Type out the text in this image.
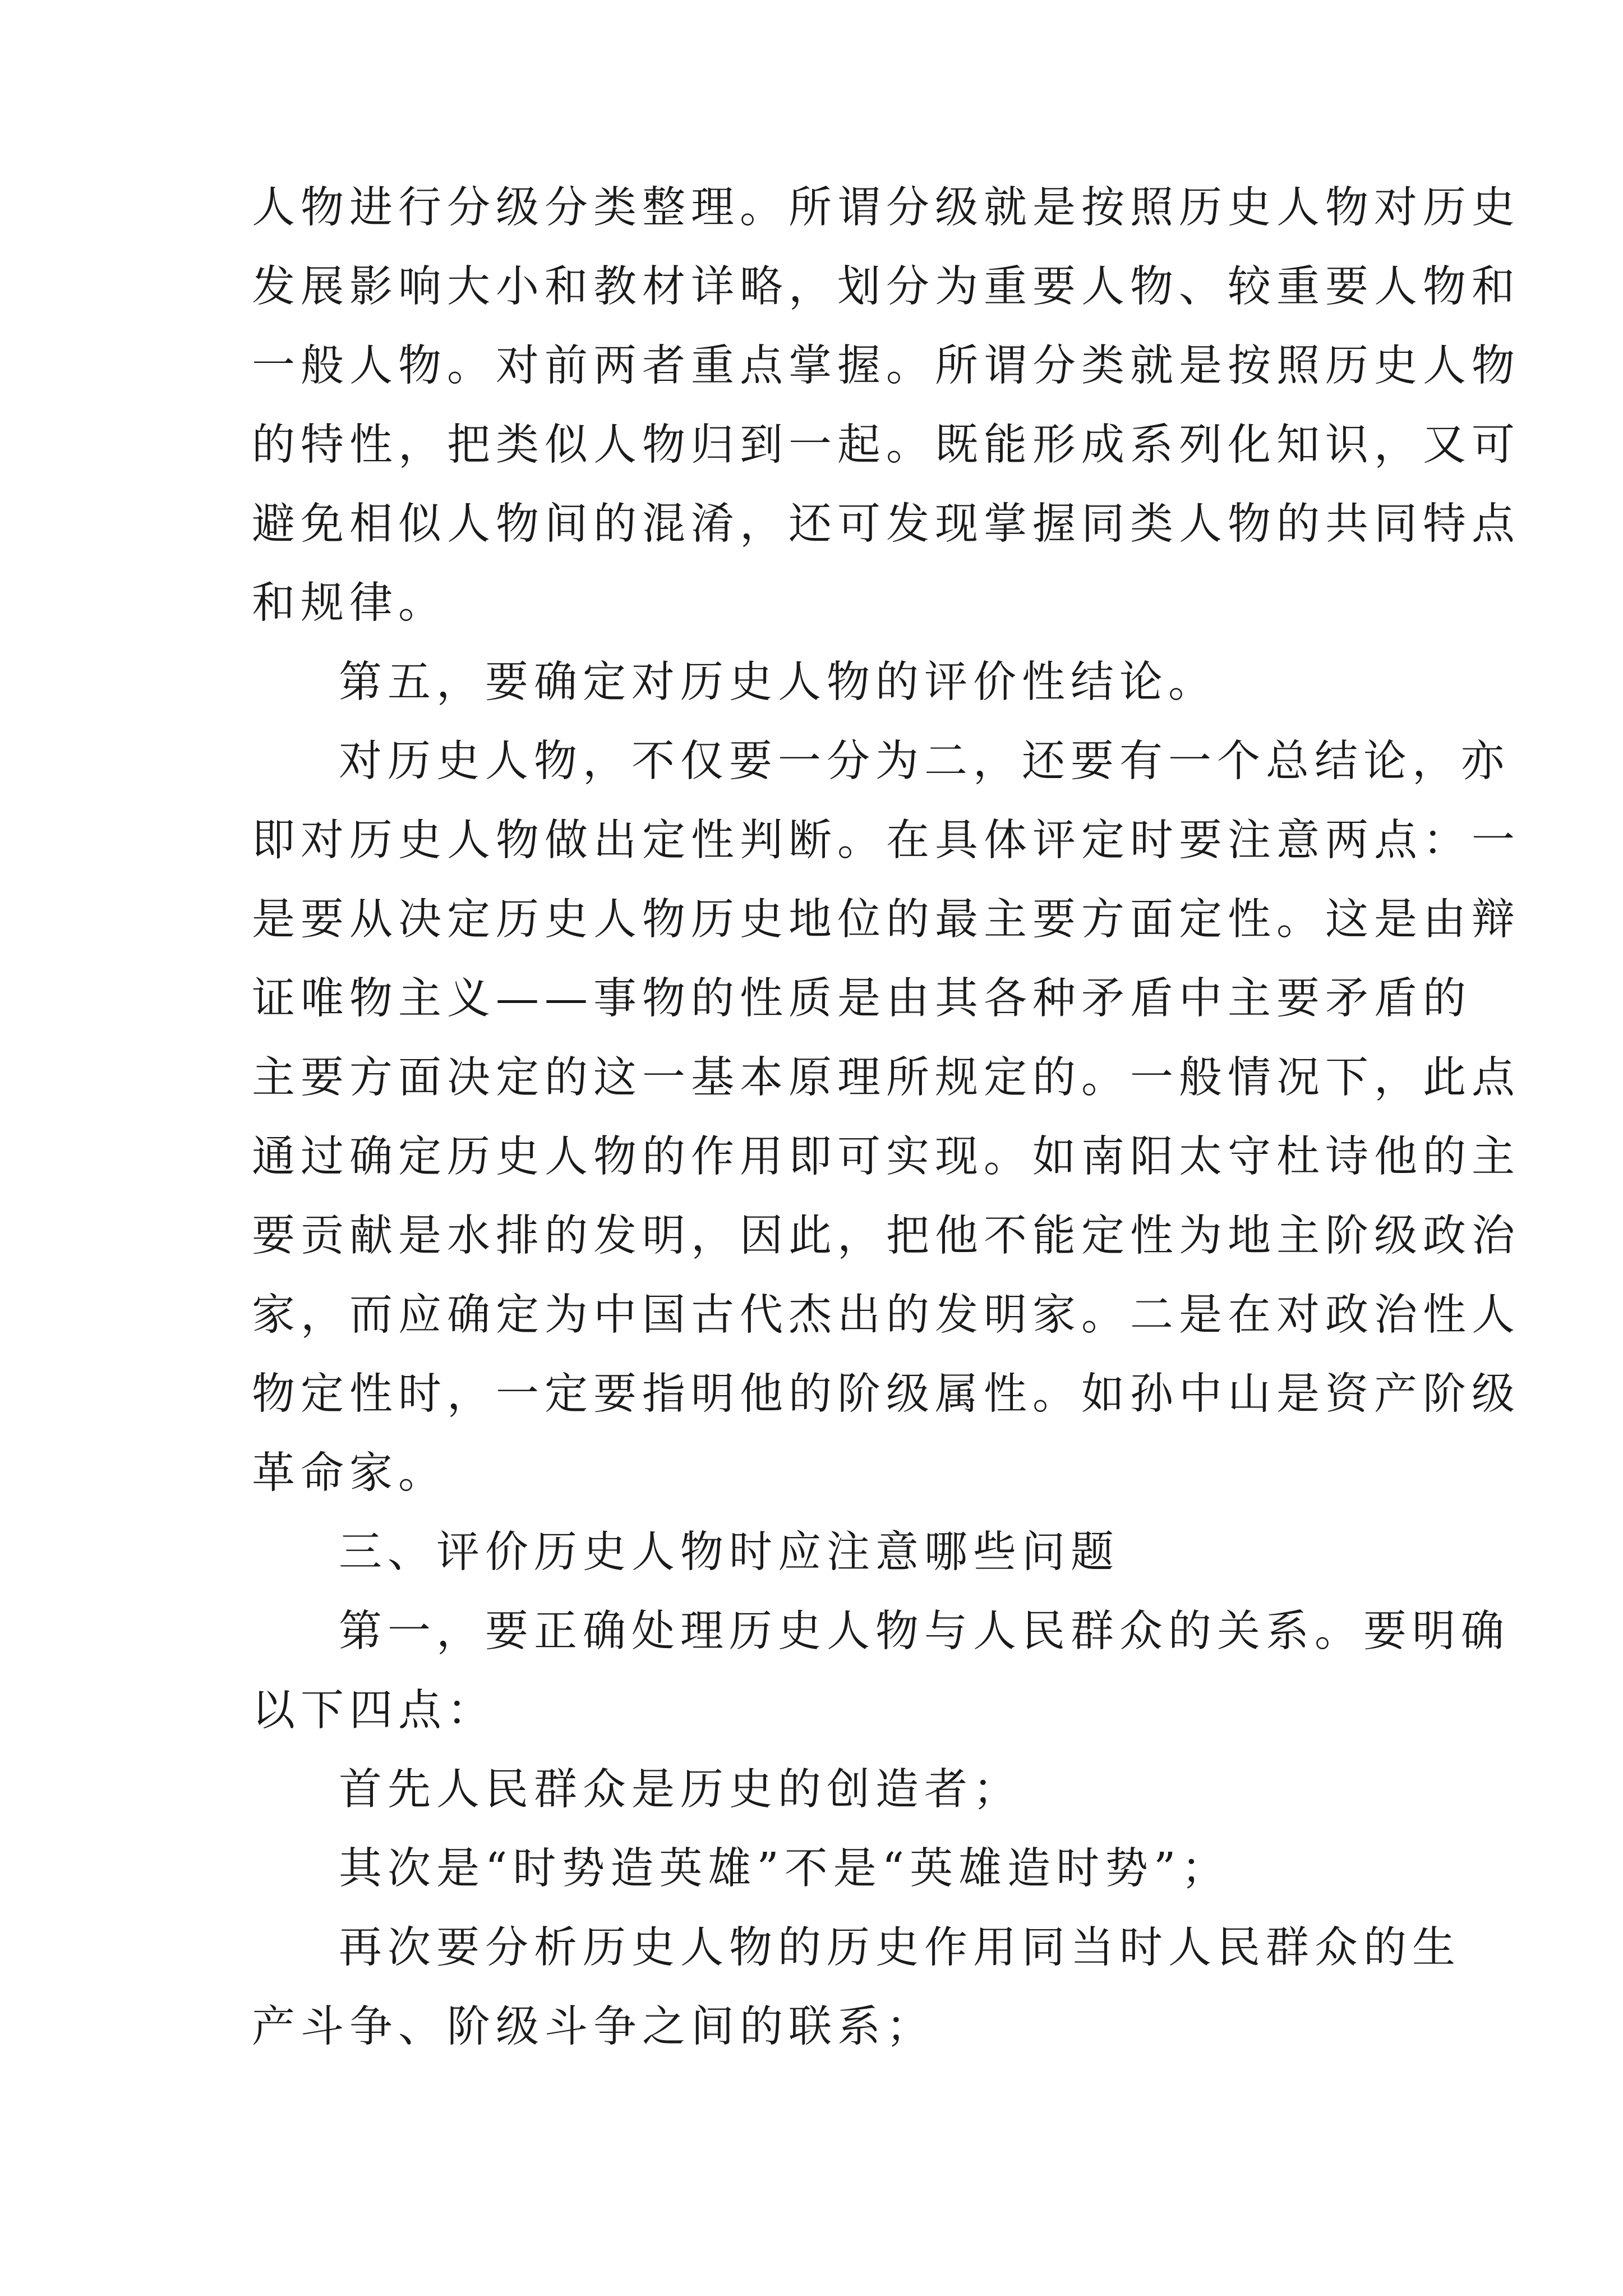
人物进行分级分类整理。所谓分级就是按照历史人物对历史
发展影响大小和教材详略，划分为重要人物、较重要人物和
一般人物。对前两者重点掌握。所谓分类就是按照历史人物
的特性，把类似人物归到一起。既能形成系列化知识，又可
避免相似人物间的混淆，还可发现掌握同类人物的共同特点
和规律。
第五，要确定对历史人物的评价性结论。
对历史人物，不仅要一分为二，还要有一个总结论，亦
即对历史人物做出定性判断。在具体评定时要注意两点：一
是要从决定历史人物历史地位的最主要方面定性。这是由辩
证唯物主义——事物的性质是由其各种矛盾中主要矛盾的
主要方面决定的这一基本原理所规定的。一般情况下，此点
通过确定历史人物的作用即可实现。如南阳太守杜诗他的主
要贡献是水排的发明，因此，把他不能定性为地主阶级政治
家，而应确定为中国古代杰出的发明家。二是在对政治性人
物定性时，一定要指明他的阶级属性。如孙中山是资产阶级
革命家。
三、评价历史人物时应注意哪些问题
第一，要正确处理历史人物与人民群众的关系。要明确
以下四点：
首先人民群众是历史的创造者；
其次是“时势造英雄”不是“英雄造时势”；
再次要分析历史人物的历史作用同当时人民群众的生
产斗争、阶级斗争之间的联系；
